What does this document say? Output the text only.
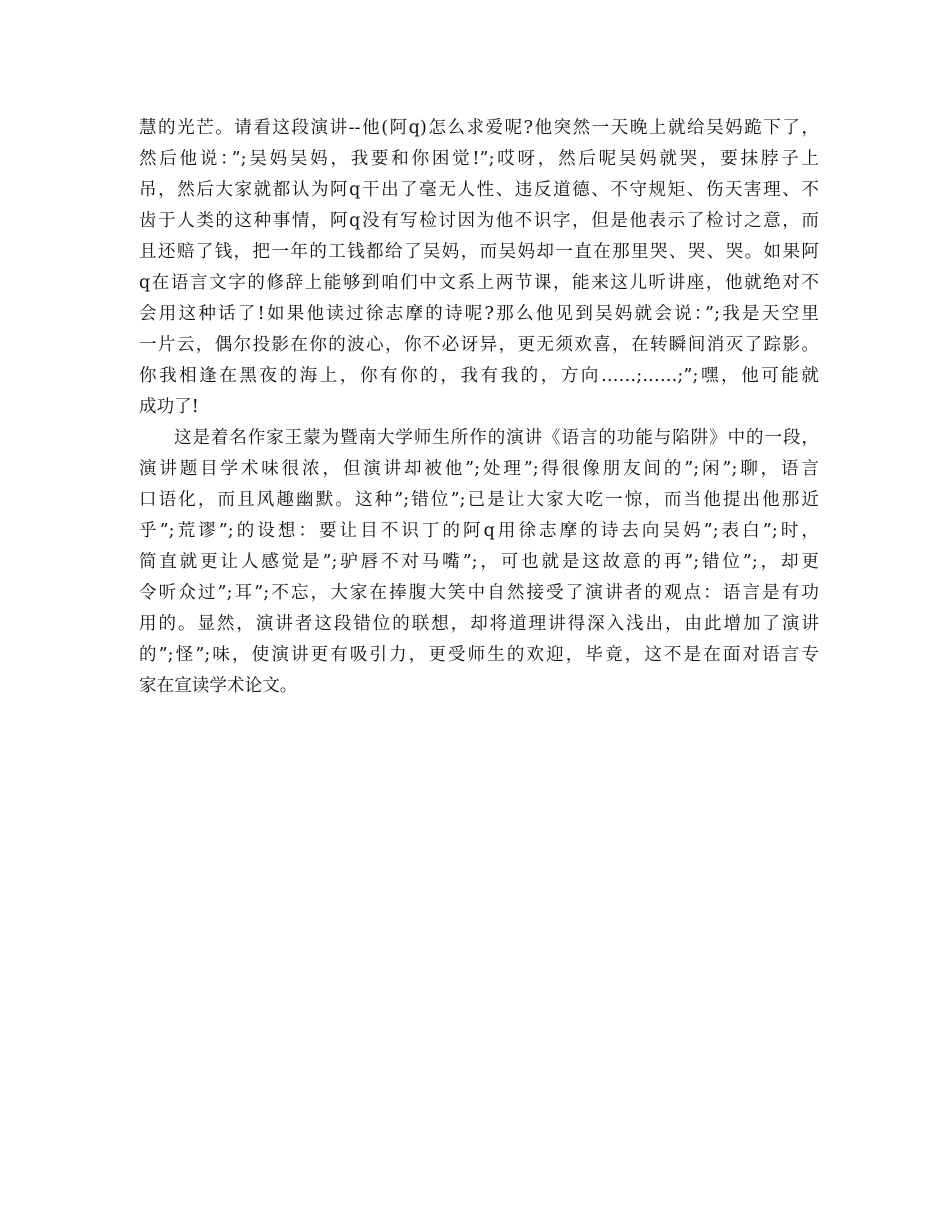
慧的光芒。请看这段演讲--他(阿q)怎么求爱呢?他突然一天晚上就给吴妈跪下了，
然后他说：”;吴妈吴妈，我要和你困觉!”;哎呀，然后呢吴妈就哭，要抹脖子上
吊，然后大家就都认为阿q干出了毫无人性、违反道德、不守规矩、伤天害理、不
齿于人类的这种事情，阿q没有写检讨因为他不识字，但是他表示了检讨之意，而
且还赔了钱，把一年的工钱都给了吴妈，而吴妈却一直在那里哭、哭、哭。如果阿
q在语言文字的修辞上能够到咱们中文系上两节课，能来这儿听讲座，他就绝对不
会用这种话了!如果他读过徐志摩的诗呢?那么他见到吴妈就会说：”;我是天空里
一片云，偶尔投影在你的波心，你不必讶异，更无须欢喜，在转瞬间消灭了踪影。
你我相逢在黑夜的海上，你有你的，我有我的，方向……;……;”;嘿，他可能就
成功了!
这是着名作家王蒙为暨南大学师生所作的演讲《语言的功能与陷阱》中的一段，
演讲题目学术味很浓，但演讲却被他”;处理”;得很像朋友间的”;闲”;聊，语言
口语化，而且风趣幽默。这种”;错位”;已是让大家大吃一惊，而当他提出他那近
乎”;荒谬”;的设想：要让目不识丁的阿q用徐志摩的诗去向吴妈”;表白”;时，
简直就更让人感觉是”;驴唇不对马嘴”;，可也就是这故意的再”;错位”;，却更
令听众过”;耳”;不忘，大家在捧腹大笑中自然接受了演讲者的观点：语言是有功
用的。显然，演讲者这段错位的联想，却将道理讲得深入浅出，由此增加了演讲
的”;怪”;味，使演讲更有吸引力，更受师生的欢迎，毕竟，这不是在面对语言专
家在宣读学术论文。
